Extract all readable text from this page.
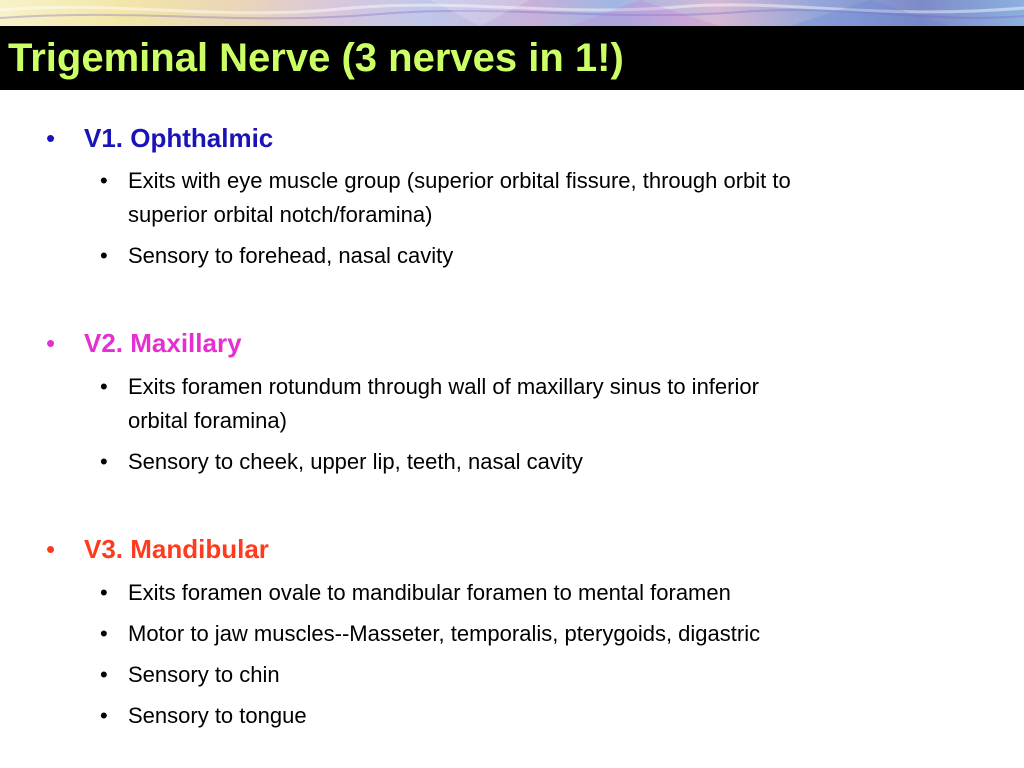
Trigeminal Nerve (3 nerves in 1!)
• V1. Ophthalmic
• Exits with eye muscle group (superior orbital fissure, through orbit to
superior orbital notch/foramina)
• Sensory to forehead, nasal cavity
• V2. Maxillary
• Exits foramen rotundum through wall of maxillary sinus to inferior
orbital foramina)
• Sensory to cheek, upper lip, teeth, nasal cavity
• V3. Mandibular
• Exits foramen ovale to mandibular foramen to mental foramen
• Motor to jaw muscles--Masseter, temporalis, pterygoids, digastric
• Sensory to chin
• Sensory to tongue
